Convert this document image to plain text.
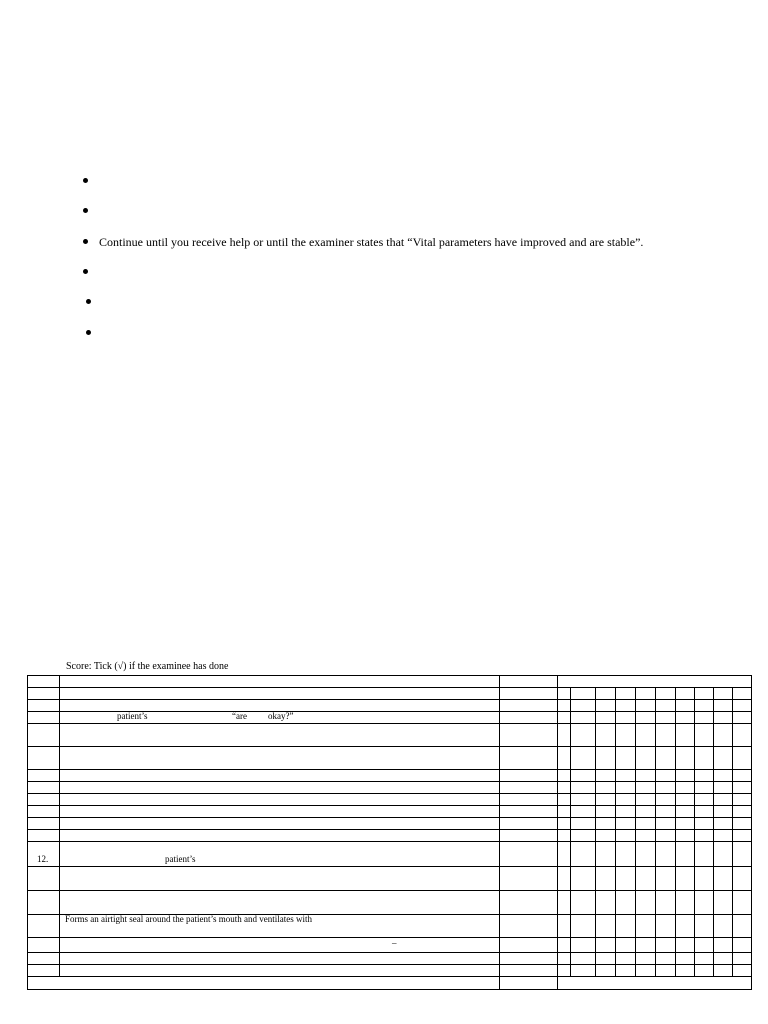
Continue until you receive help or until the examiner states that “Vital parameters have improved and are stable”.
Score: Tick (√) if the examinee has done
patient’s	“are okay?”
12.	patient’s
Forms an airtight seal around the patient’s mouth and ventilates with
–
